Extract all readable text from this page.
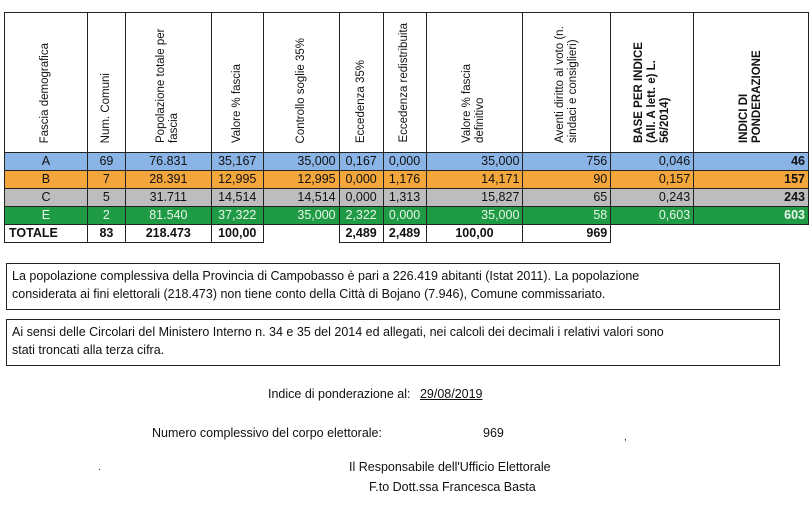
Fascia demografica	Num. Comuni	Popolazione totale per fascia	Valore % fascia	Controllo soglie 35%	Eccedenza 35%	Eccedenza redistribuita	Valore % fascia definitivo	Aventi diritto al voto (n. sindaci e consiglieri)	BASE PER INDICE (All. A lett. e) L. 56/2014)	INDICI DI PONDERAZIONE
A	69	76.831	35,167	35,000	0,167	0,000	35,000	756	0,046	46
B	7	28.391	12,995	12,995	0,000	1,176	14,171	90	0,157	157
C	5	31.711	14,514	14,514	0,000	1,313	15,827	65	0,243	243
E	2	81.540	37,322	35,000	2,322	0,000	35,000	58	0,603	603
TOTALE	83	218.473	100,00		2,489	2,489	100,00	969		
La popolazione complessiva della Provincia di Campobasso è pari a 226.419 abitanti (Istat 2011). La popolazione
considerata ai fini elettorali (218.473) non tiene conto della Città di Bojano (7.946), Comune commissariato.
Ai sensi delle Circolari del Ministero Interno n. 34 e 35 del 2014 ed allegati, nei calcoli dei decimali i relativi valori sono
stati troncati alla terza cifra.
Indice di ponderazione al: 29/08/2019
Numero complessivo del corpo elettorale:	969
Il Responsabile dell'Ufficio Elettorale
F.to Dott.ssa Francesca Basta
.
,
